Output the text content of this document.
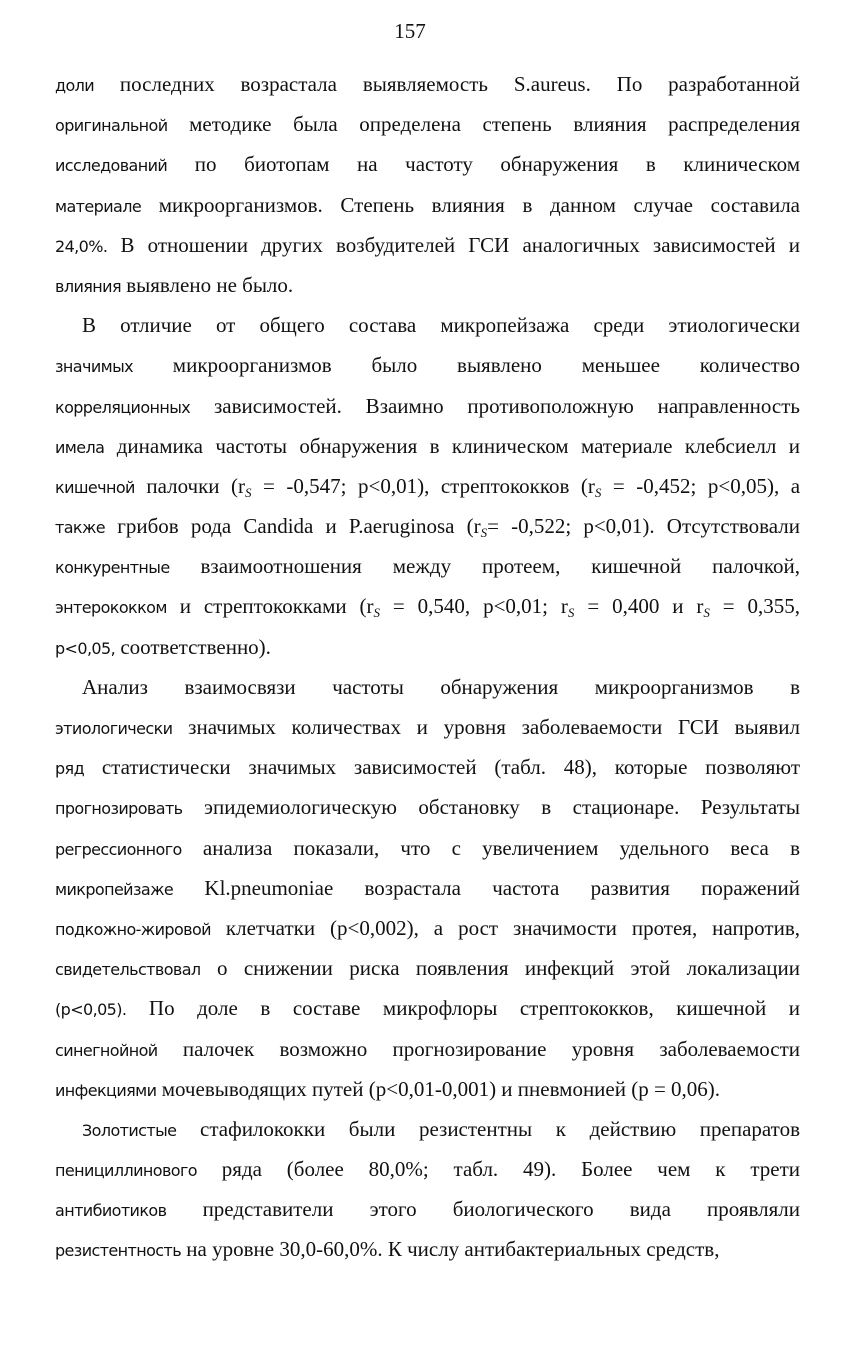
157
доли последних возрастала выявляемость S.aureus. По разработанной
оригинальной методике была определена степень влияния распределения
исследований по биотопам на частоту обнаружения в клиническом
материале микроорганизмов. Степень влияния в данном случае составила
24,0%. В отношении других возбудителей ГСИ аналогичных зависимостей и
влияния выявлено не было.
В отличие от общего состава микропейзажа среди этиологически
значимых микроорганизмов было выявлено меньшее количество
корреляционных зависимостей. Взаимно противоположную направленность
имела динамика частоты обнаружения в клиническом материале клебсиелл и
кишечной палочки ($r_S = -0,547$; p<0,01), стрептококков ($r_S = -0,452$; p<0,05), а
также грибов рода Candida и P.aeruginosa ($r_S= -0,522$; p<0,01). Отсутствовали
конкурентные взаимоотношения между протеем, кишечной палочкой,
энтерококком и стрептококками ($r_S = 0,540$, p<0,01; $r_S = 0,400$ и $r_S = 0,355$,
p<0,05, соответственно).
Анализ взаимосвязи частоты обнаружения микроорганизмов в
этиологически значимых количествах и уровня заболеваемости ГСИ выявил
ряд статистически значимых зависимостей (табл. 48), которые позволяют
прогнозировать эпидемиологическую обстановку в стационаре. Результаты
регрессионного анализа показали, что с увеличением удельного веса в
микропейзаже Kl.pneumoniae возрастала частота развития поражений
подкожно-жировой клетчатки (p<0,002), а рост значимости протея, напротив,
свидетельствовал о снижении риска появления инфекций этой локализации
(p<0,05). По доле в составе микрофлоры стрептококков, кишечной и
синегнойной палочек возможно прогнозирование уровня заболеваемости
инфекциями мочевыводящих путей (p<0,01-0,001) и пневмонией (p = 0,06).
Золотистые стафилококки были резистентны к действию препаратов
пенициллинового ряда (более 80,0%; табл. 49). Более чем к трети
антибиотиков представители этого биологического вида проявляли
резистентность на уровне 30,0-60,0%. К числу антибактериальных средств,
